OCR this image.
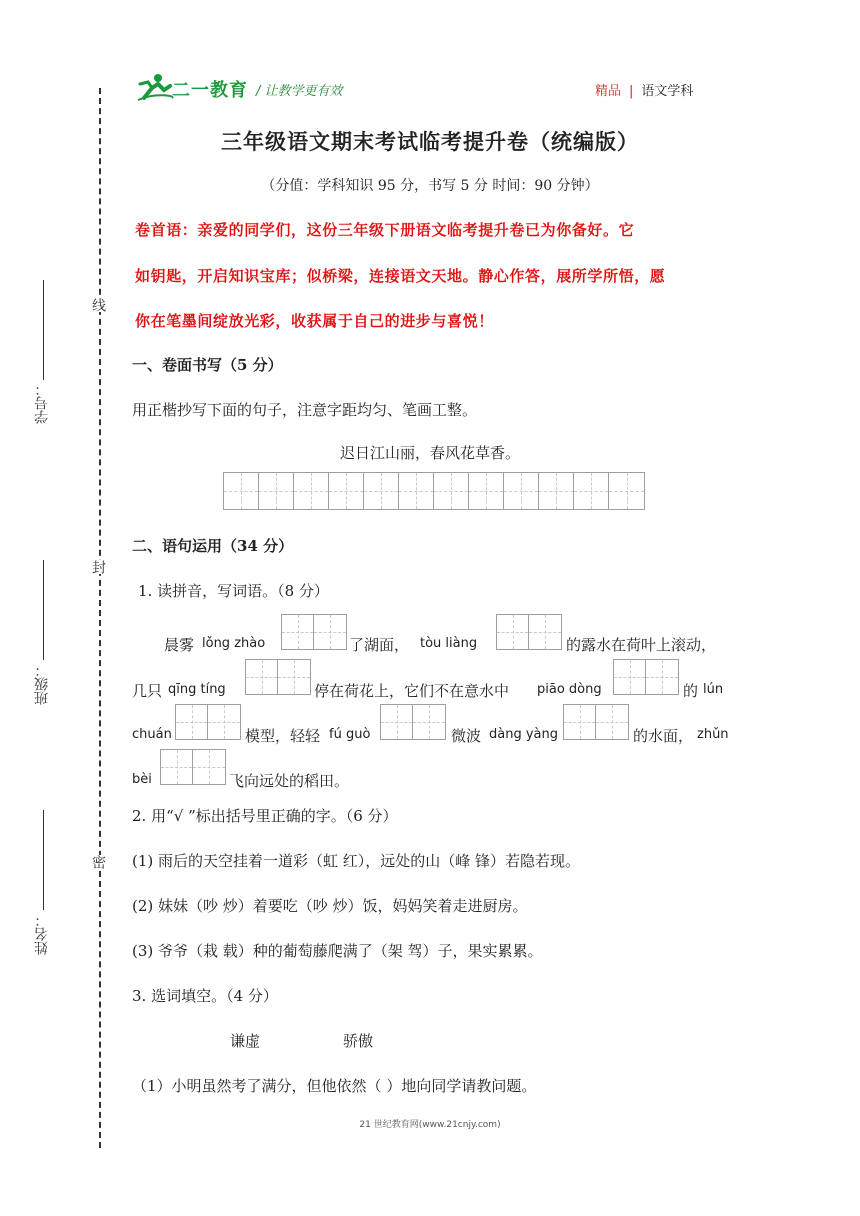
线
封
密
学号：
班级：
姓名：
二一教育 / 让教学更有效	精品 | 语文学科
三年级语文期末考试临考提升卷（统编版）
（分值：学科知识 95 分，书写 5 分 时间：90 分钟）
卷首语：亲爱的同学们，这份三年级下册语文临考提升卷已为你备好。它
如钥匙，开启知识宝库；似桥梁，连接语文天地。静心作答，展所学所悟，愿
你在笔墨间绽放光彩，收获属于自己的进步与喜悦！
一、卷面书写（5 分）
用正楷抄写下面的句子，注意字距均匀、笔画工整。
迟日江山丽，春风花草香。
二、语句运用（34 分）
1. 读拼音，写词语。（8 分）
晨雾 lǒng zhào	了湖面， tòu liàng	的露水在荷叶上滚动，
几只 qīng tíng	停在荷花上，它们不在意水中 piāo dòng	的 lún
chuán	模型，轻轻 fú guò	微波 dàng yàng	的水面， zhǔn
bèi	飞向远处的稻田。
2. 用“√ ”标出括号里正确的字。（6 分）
(1) 雨后的天空挂着一道彩（虹 红），远处的山（峰 锋）若隐若现。
(2) 妹妹（吵 炒）着要吃（吵 炒）饭，妈妈笑着走进厨房。
(3) 爷爷（栽 载）种的葡萄藤爬满了（架 驾）子，果实累累。
3. 选词填空。（4 分）
谦虚	骄傲
（1）小明虽然考了满分，但他依然（ ）地向同学请教问题。
21 世纪教育网(www.21cnjy.com)
